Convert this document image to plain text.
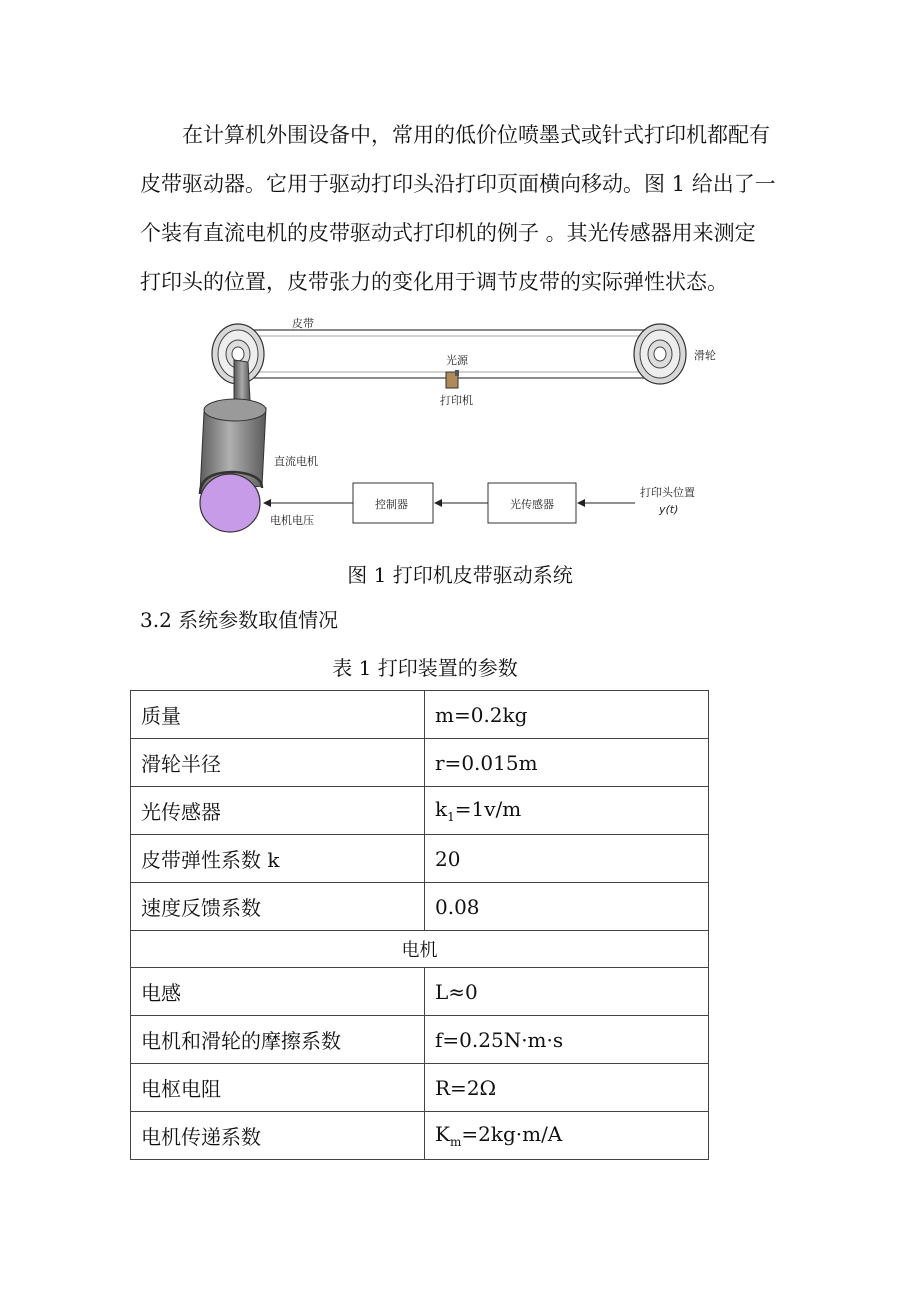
在计算机外围设备中，常用的低价位喷墨式或针式打印机都配有
皮带驱动器。它用于驱动打印头沿打印页面横向移动。图 1 给出了一
个装有直流电机的皮带驱动式打印机的例子 。其光传感器用来测定
打印头的位置，皮带张力的变化用于调节皮带的实际弹性状态。
皮带
滑轮
光源
打印机
直流电机
电机电压
控制器	光传感器
打印头位置
y(t)
图 1 打印机皮带驱动系统
3.2 系统参数取值情况
表 1 打印装置的参数
质量	m=0.2kg
滑轮半径	r=0.015m
光传感器	$k_1=1v/m$
皮带弹性系数 k	20
速度反馈系数	0.08
电机	
电感	L≈0
电机和滑轮的摩擦系数	f=0.25N·m·s
电枢电阻	R=2Ω
电机传递系数	$K_m=2kg\cdot m/A$
